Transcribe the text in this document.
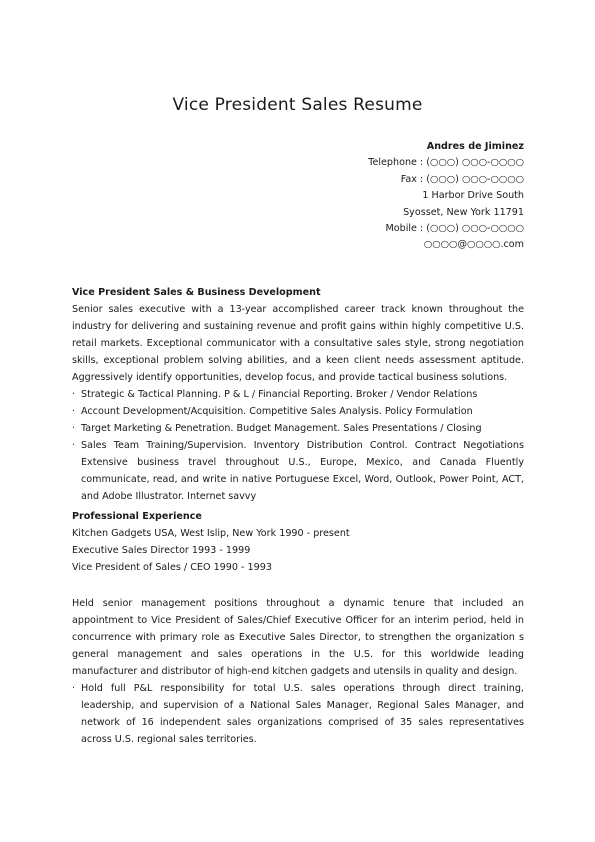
Vice President Sales Resume
Andres de Jiminez
Telephone : (○○○) ○○○-○○○○
Fax : (○○○) ○○○-○○○○
1 Harbor Drive South
Syosset, New York 11791
Mobile : (○○○) ○○○-○○○○
○○○○@○○○○.com
Vice President Sales & Business Development
Senior sales executive with a 13-year accomplished career track known throughout the industry for delivering and sustaining revenue and profit gains within highly competitive U.S. retail markets. Exceptional communicator with a consultative sales style, strong negotiation skills, exceptional problem solving abilities, and a keen client needs assessment aptitude. Aggressively identify opportunities, develop focus, and provide tactical business solutions.
· Strategic & Tactical Planning. P & L / Financial Reporting. Broker / Vendor Relations
· Account Development/Acquisition. Competitive Sales Analysis. Policy Formulation
· Target Marketing & Penetration. Budget Management. Sales Presentations / Closing
· Sales Team Training/Supervision. Inventory Distribution Control. Contract Negotiations Extensive business travel throughout U.S., Europe, Mexico, and Canada Fluently communicate, read, and write in native Portuguese Excel, Word, Outlook, Power Point, ACT, and Adobe Illustrator. Internet savvy
Professional Experience
Kitchen Gadgets USA, West Islip, New York 1990 - present
Executive Sales Director 1993 - 1999
Vice President of Sales / CEO 1990 - 1993
Held senior management positions throughout a dynamic tenure that included an appointment to Vice President of Sales/Chief Executive Officer for an interim period, held in concurrence with primary role as Executive Sales Director, to strengthen the organization s general management and sales operations in the U.S. for this worldwide leading manufacturer and distributor of high-end kitchen gadgets and utensils in quality and design.
· Hold full P&L responsibility for total U.S. sales operations through direct training, leadership, and supervision of a National Sales Manager, Regional Sales Manager, and network of 16 independent sales organizations comprised of 35 sales representatives across U.S. regional sales territories.
